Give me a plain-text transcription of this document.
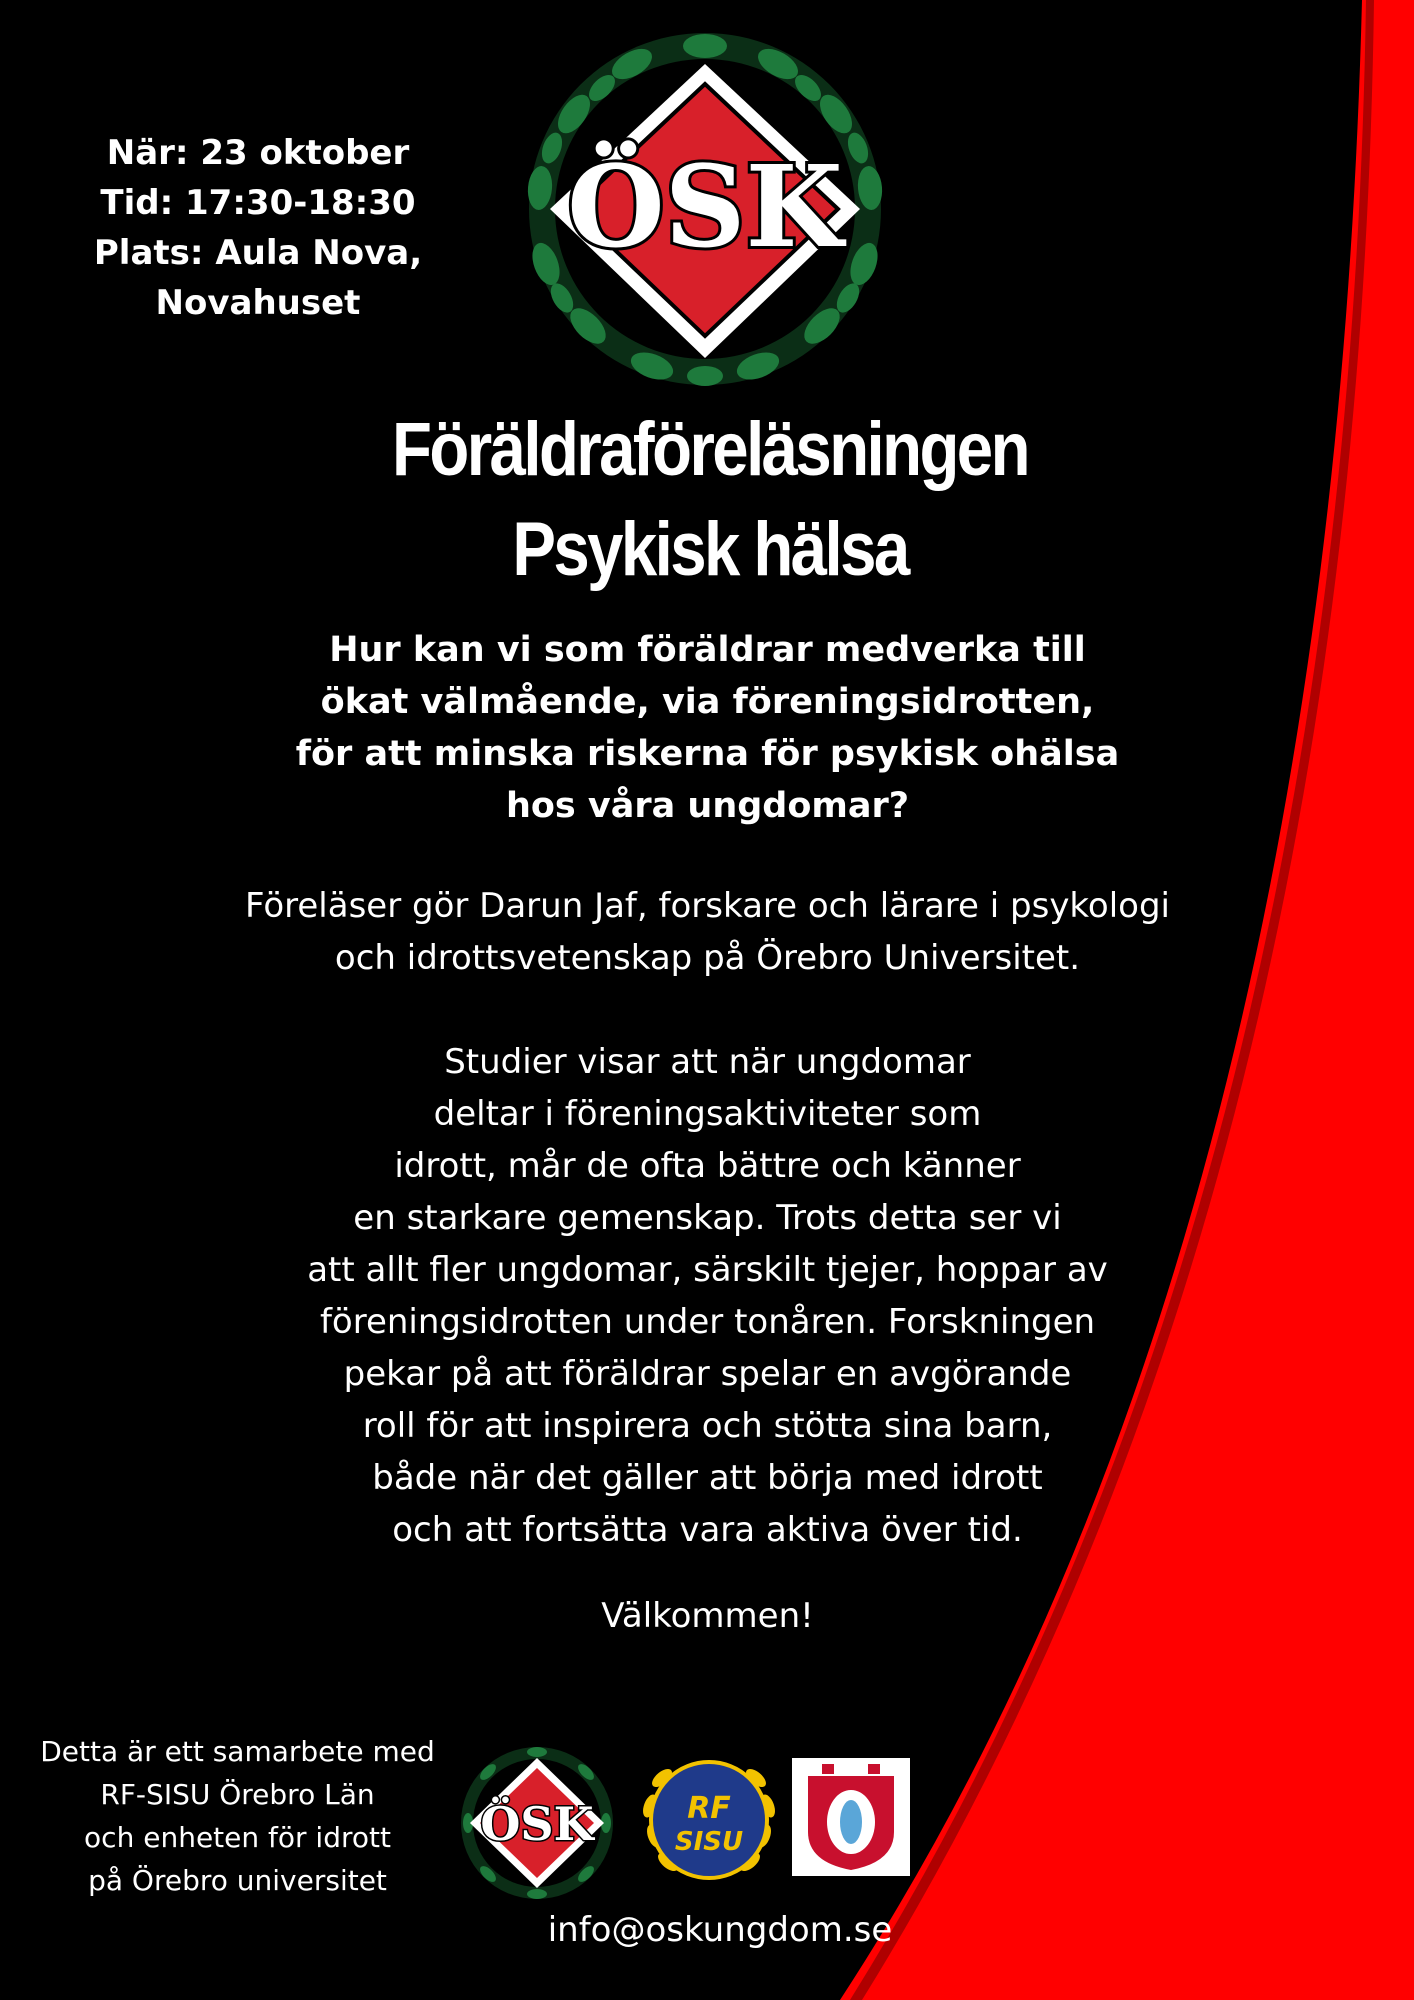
När: 23 oktober
Tid: 17:30-18:30
Plats: Aula Nova,
Novahuset
ÖSK
Föräldraföreläsningen
Psykisk hälsa
Hur kan vi som föräldrar medverka till
ökat välmående, via föreningsidrotten,
för att minska riskerna för psykisk ohälsa
hos våra ungdomar?
Föreläser gör Darun Jaf, forskare och lärare i psykologi
och idrottsvetenskap på Örebro Universitet.
Studier visar att när ungdomar
deltar i föreningsaktiviteter som
idrott, mår de ofta bättre och känner
en starkare gemenskap. Trots detta ser vi
att allt fler ungdomar, särskilt tjejer, hoppar av
föreningsidrotten under tonåren. Forskningen
pekar på att föräldrar spelar en avgörande
roll för att inspirera och stötta sina barn,
både när det gäller att börja med idrott
och att fortsätta vara aktiva över tid.
Välkommen!
Detta är ett samarbete med
RF-SISU Örebro Län
och enheten för idrott
på Örebro universitet
ÖSK	RF
SISU
Ö
info@oskungdom.se
